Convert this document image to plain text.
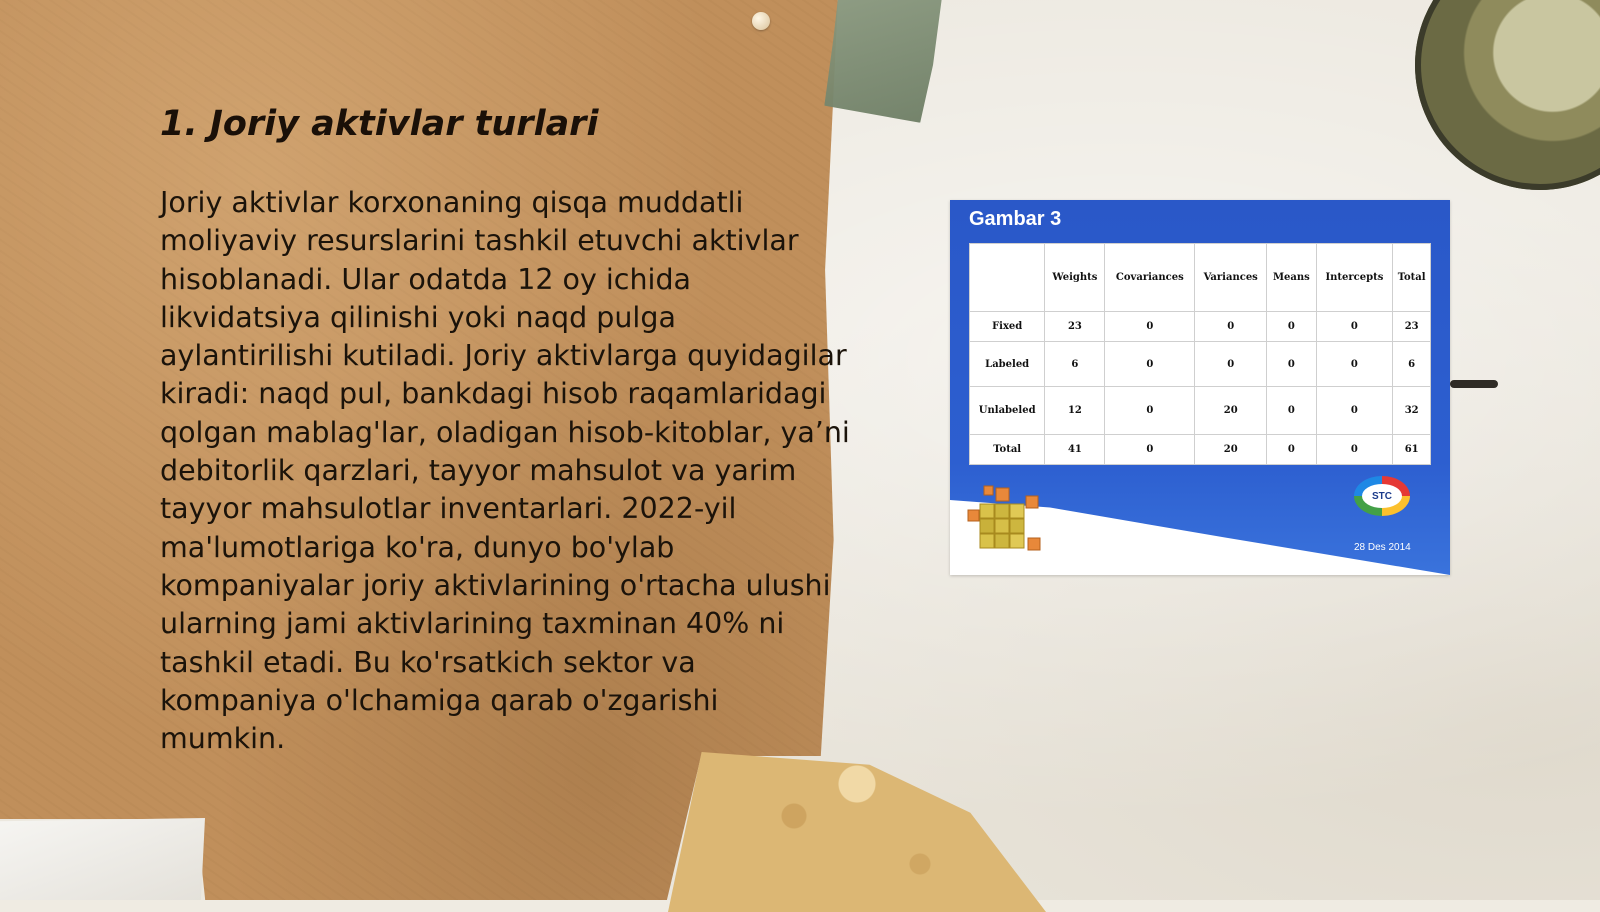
1. Joriy aktivlar turlari

Joriy aktivlar korxonaning qisqa muddatli moliyaviy resurslarini tashkil etuvchi aktivlar hisoblanadi. Ular odatda 12 oy ichida likvidatsiya qilinishi yoki naqd pulga aylantirilishi kutiladi. Joriy aktivlarga quyidagilar kiradi: naqd pul, bankdagi hisob raqamlaridagi qolgan mablag'lar, oladigan hisob-kitoblar, ya’ni debitorlik qarzlari, tayyor mahsulot va yarim tayyor mahsulotlar inventarlari. 2022-yil ma'lumotlariga ko'ra, dunyo bo'ylab kompaniyalar joriy aktivlarining o'rtacha ulushi ularning jami aktivlarining taxminan 40% ni tashkil etadi. Bu ko'rsatkich sektor va kompaniya o'lchamiga qarab o'zgarishi mumkin.

Gambar 3
	Weights	Covariances	Variances	Means	Intercepts	Total
Fixed	23	0	0	0	0	23
Labeled	6	0	0	0	0	6
Unlabeled	12	0	20	0	0	32
Total	41	0	20	0	0	61
STC
28 Des 2014
